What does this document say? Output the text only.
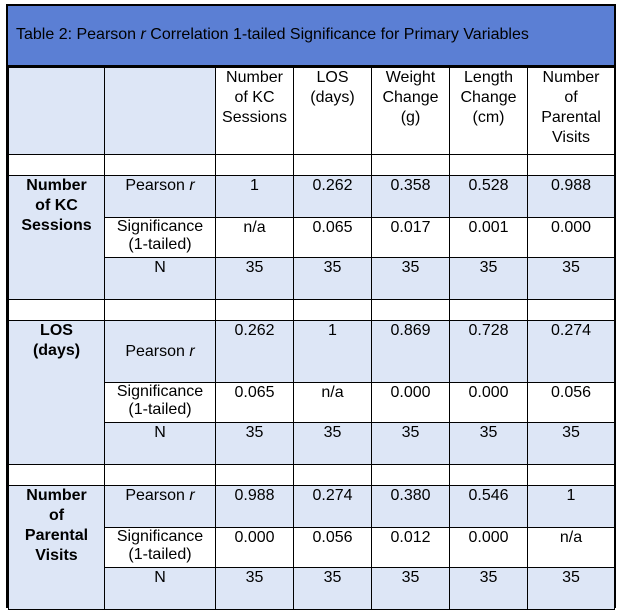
Table 2: Pearson r Correlation 1-tailed Significance for Primary Variables
		Number
of KC
Sessions	LOS
(days)	Weight
Change
(g)	Length
Change
(cm)	Number
of
Parental
Visits

Number
of KC
Sessions	Pearson r	1	0.262	0.358	0.528	0.988
	Significance
(1-tailed)	n/a	0.065	0.017	0.001	0.000
	N	35	35	35	35	35

LOS
(days)	Pearson r	0.262	1	0.869	0.728	0.274
	Significance
(1-tailed)	0.065	n/a	0.000	0.000	0.056
	N	35	35	35	35	35

Number
of
Parental
Visits	Pearson r	0.988	0.274	0.380	0.546	1
	Significance
(1-tailed)	0.000	0.056	0.012	0.000	n/a
	N	35	35	35	35	35
